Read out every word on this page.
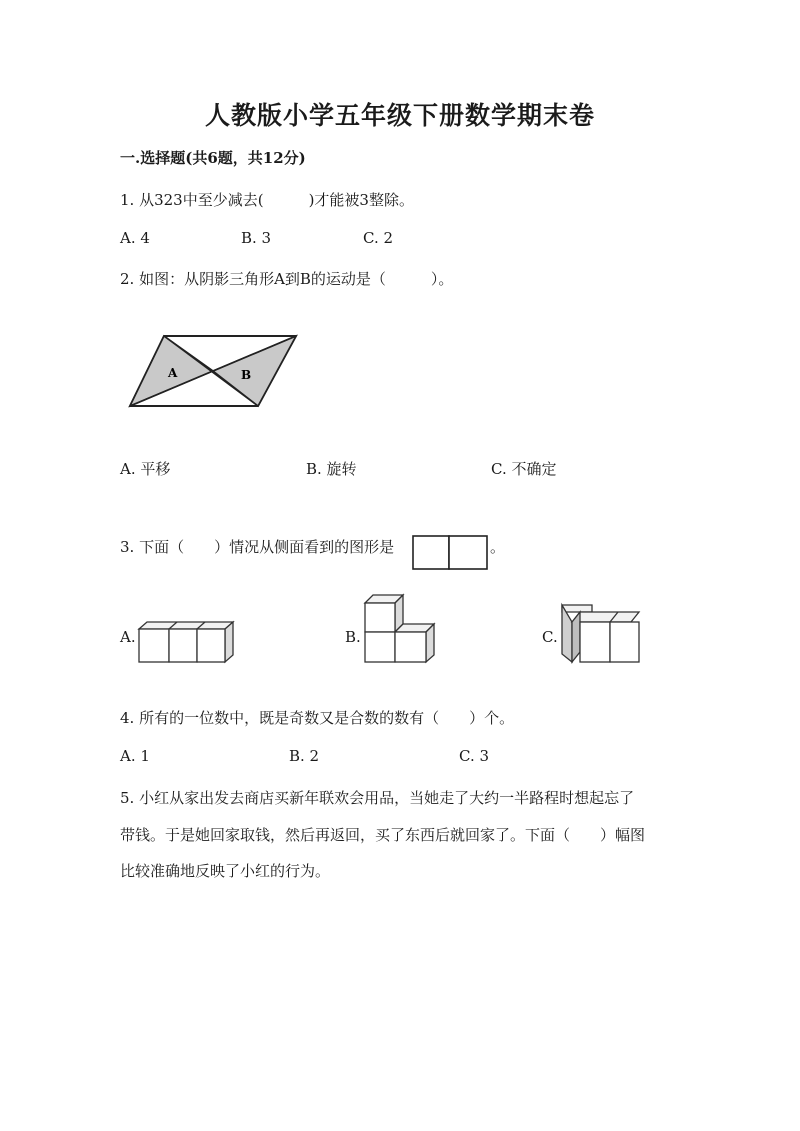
人教版小学五年级下册数学期末卷
一.选择题(共6题，共12分)
1. 从323中至少减去(　　　)才能被3整除。
A. 4	B. 3	C. 2
2. 如图：从阴影三角形A到B的运动是（　　　）。
A	B
A. 平移	B. 旋转	C. 不确定
3. 下面（　　）情况从侧面看到的图形是	。
A.	B.	C.
4. 所有的一位数中，既是奇数又是合数的数有（　　）个。
A. 1	B. 2	C. 3
5. 小红从家出发去商店买新年联欢会用品，当她走了大约一半路程时想起忘了
带钱。于是她回家取钱，然后再返回，买了东西后就回家了。下面（　　）幅图
比较准确地反映了小红的行为。
